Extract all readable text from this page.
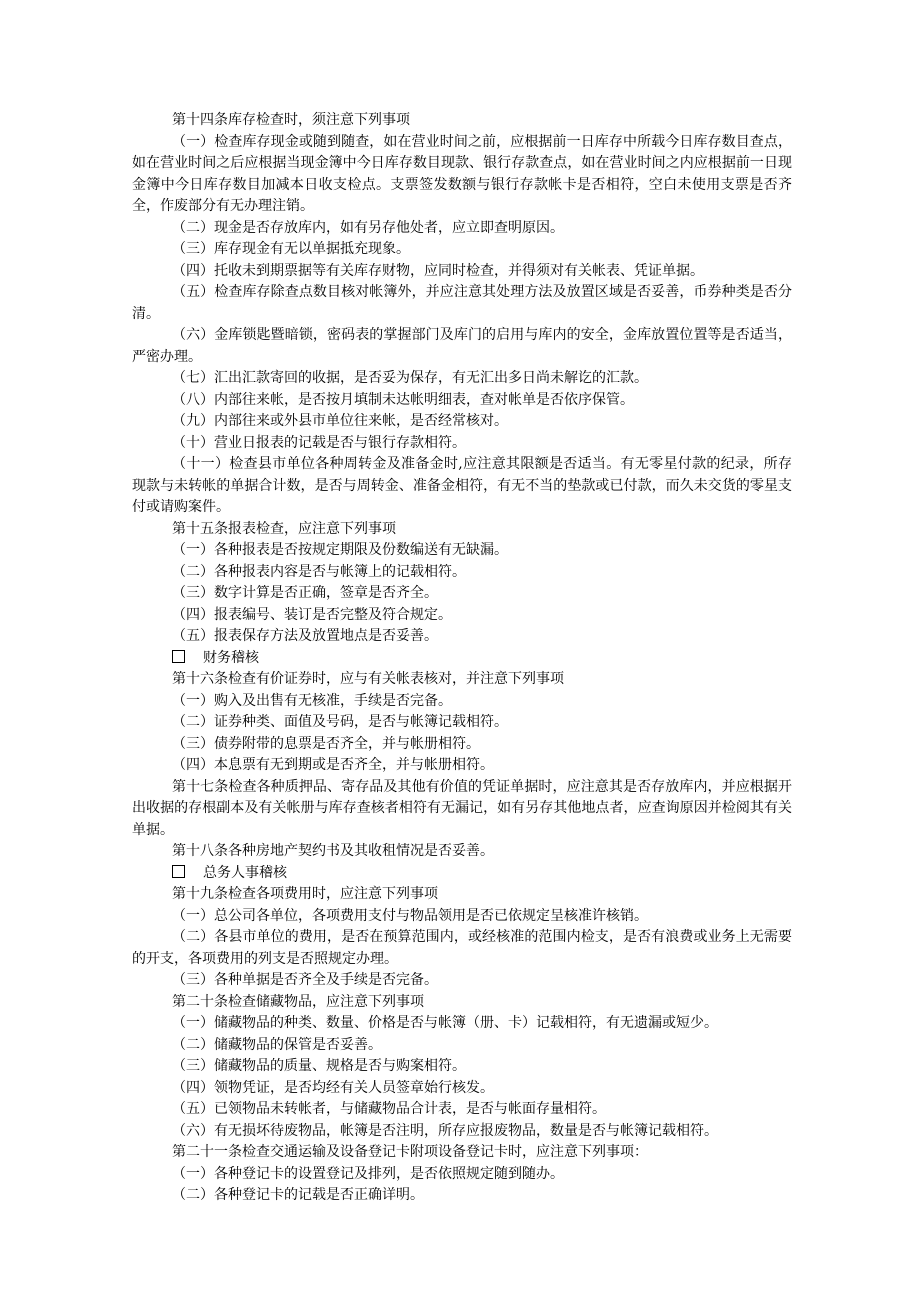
第十四条库存检查时，须注意下列事项

（一）检查库存现金或随到随查，如在营业时间之前，应根据前一日库存中所载今日库存数目查点，如在营业时间之后应根据当现金簿中今日库存数目现款、银行存款查点，如在营业时间之内应根据前一日现金簿中今日库存数目加减本日收支检点。支票签发数额与银行存款帐卡是否相符，空白未使用支票是否齐全，作废部分有无办理注销。

（二）现金是否存放库内，如有另存他处者，应立即查明原因。

（三）库存现金有无以单据抵充现象。

（四）托收未到期票据等有关库存财物，应同时检查，并得须对有关帐表、凭证单据。

（五）检查库存除查点数目核对帐簿外，并应注意其处理方法及放置区域是否妥善，币券种类是否分清。

（六）金库锁匙暨暗锁，密码表的掌握部门及库门的启用与库内的安全，金库放置位置等是否适当，严密办理。

（七）汇出汇款寄回的收据，是否妥为保存，有无汇出多日尚未解讫的汇款。

（八）内部往来帐，是否按月填制未达帐明细表，查对帐单是否依序保管。

（九）内部往来或外县市单位往来帐，是否经常核对。

（十）营业日报表的记载是否与银行存款相符。

（十一）检查县市单位各种周转金及准备金时,应注意其限额是否适当。有无零星付款的纪录，所存现款与未转帐的单据合计数，是否与周转金、准备金相符，有无不当的垫款或已付款，而久未交货的零星支付或请购案件。

第十五条报表检查，应注意下列事项

（一）各种报表是否按规定期限及份数编送有无缺漏。

（二）各种报表内容是否与帐簿上的记载相符。

（三）数字计算是否正确，签章是否齐全。

（四）报表编号、装订是否完整及符合规定。

（五）报表保存方法及放置地点是否妥善。

财务稽核

第十六条检查有价证券时，应与有关帐表核对，并注意下列事项

（一）购入及出售有无核准，手续是否完备。

（二）证券种类、面值及号码，是否与帐簿记载相符。

（三）债券附带的息票是否齐全，并与帐册相符。

（四）本息票有无到期或是否齐全，并与帐册相符。

第十七条检查各种质押品、寄存品及其他有价值的凭证单据时，应注意其是否存放库内，并应根据开出收据的存根副本及有关帐册与库存查核者相符有无漏记，如有另存其他地点者，应查询原因并检阅其有关单据。

第十八条各种房地产契约书及其收租情况是否妥善。

总务人事稽核

第十九条检查各项费用时，应注意下列事项

（一）总公司各单位，各项费用支付与物品领用是否已依规定呈核准许核销。

（二）各县市单位的费用，是否在预算范围内，或经核准的范围内检支，是否有浪费或业务上无需要的开支，各项费用的列支是否照规定办理。

（三）各种单据是否齐全及手续是否完备。

第二十条检查储藏物品，应注意下列事项

（一）储藏物品的种类、数量、价格是否与帐簿（册、卡）记载相符，有无遗漏或短少。

（二）储藏物品的保管是否妥善。

（三）储藏物品的质量、规格是否与购案相符。

（四）领物凭证，是否均经有关人员签章始行核发。

（五）已领物品未转帐者，与储藏物品合计表，是否与帐面存量相符。

（六）有无损坏待废物品，帐簿是否注明，所存应报废物品，数量是否与帐簿记载相符。

第二十一条检查交通运输及设备登记卡附项设备登记卡时，应注意下列事项：

（一）各种登记卡的设置登记及排列，是否依照规定随到随办。

（二）各种登记卡的记载是否正确详明。
